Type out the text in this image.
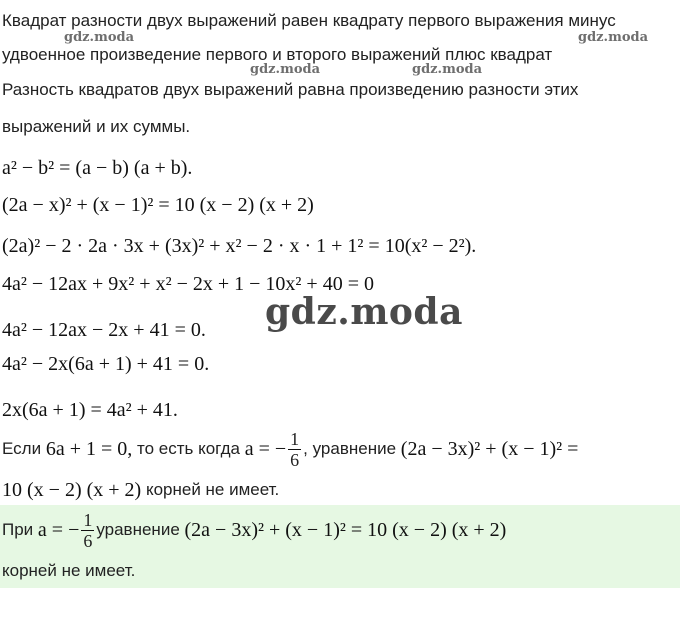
Квадрат разности двух выражений равен квадрату первого выражения минус
удвоенное произведение первого и второго выражений плюс квадрат
Разность квадратов двух выражений равна произведению разности этих
выражений и их суммы.
gdz.moda	gdz.moda
gdz.moda	gdz.moda
a² − b² = (a − b) (a + b).
(2a − x)² + (x − 1)² = 10 (x − 2) (x + 2)
(2a)² − 2 · 2a · 3x + (3x)² + x² − 2 · x · 1 + 1² = 10(x² − 2²).
4a² − 12ax + 9x² + x² − 2x + 1 − 10x² + 40 = 0
4a² − 12ax − 2x + 41 = 0.
4a² − 2x(6a + 1) + 41 = 0.
2x(6a + 1) = 4a² + 41.
gdz.moda
Если
6a + 1 = 0,
то есть когда
a = − $\frac{1}{6}$ , уравнение
(2a − 3x)² + (x − 1)² =
10 (x − 2) (x + 2)
корней не имеет.
При
a = − $\frac{1}{6}$ уравнение
(2a − 3x)² + (x − 1)² = 10 (x − 2) (x + 2)
корней не имеет.
